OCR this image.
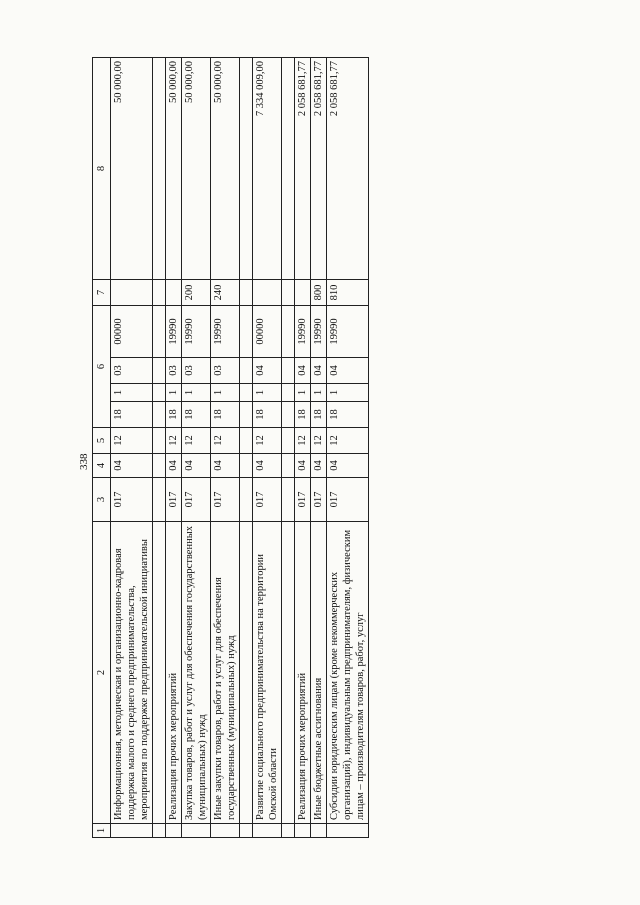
338
1	2	3	4	5	6				7	8
	Информационная, методическая и организационно-кадровая поддержка малого и среднего предпринимательства, мероприятия по поддержке предпринимательской инициативы	017	04	12	18	1	03	00000		50 000,00

	Реализация прочих мероприятий	017	04	12	18	1	03	19990		50 000,00
	Закупка товаров, работ и услуг для обеспечения государственных (муниципальных) нужд	017	04	12	18	1	03	19990	200	50 000,00
	Иные закупки товаров, работ и услуг для обеспечения государственных (муниципальных) нужд	017	04	12	18	1	03	19990	240	50 000,00

	Развитие социального предпринимательства на территории Омской области	017	04	12	18	1	04	00000		7 334 009,00

	Реализация прочих мероприятий	017	04	12	18	1	04	19990		2 058 681,77
	Иные бюджетные ассигнования	017	04	12	18	1	04	19990	800	2 058 681,77
	Субсидии юридическим лицам (кроме некоммерческих организаций), индивидуальным предпринимателям, физическим лицам – производителям товаров, работ, услуг	017	04	12	18	1	04	19990	810	2 058 681,77
